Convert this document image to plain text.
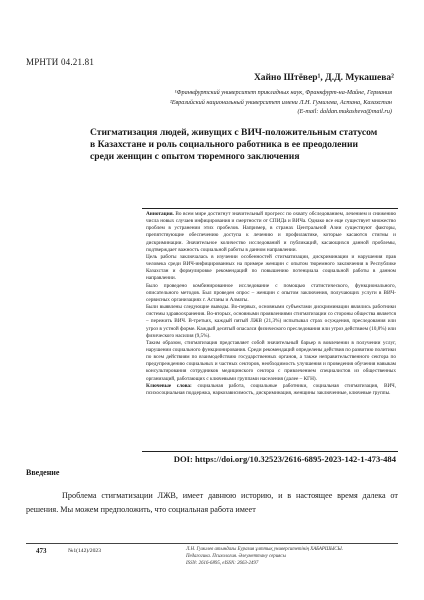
МРНТИ 04.21.81
Хайно Штёвер¹, Д.Д. Мукашева²
¹Франкфуртский университет прикладных наук, Франкфурт-на-Майне, Германия
²Евразийский национальный университет имени Л.Н. Гумилева, Астана, Казахстан
(E-mail: daldan.mukasheva@mail.ru)
Стигматизация людей, живущих с ВИЧ-положительным статусом в Казахстане и роль социального работника в ее преодолении среди женщин с опытом тюремного заключения

Аннотация. Во всем мире достигнут значительный прогресс по охвату обследованием, лечением и снижению числа новых случаев инфицирования и смертности от СПИДа и ВИЧа. Однако все еще существует множество проблем в устранении этих пробелов. Например, в странах Центральной Азии существуют факторы, препятствующие обеспечению доступа к лечению и профилактике, которые касаются стигмы и дискриминации. Значительное количество исследований и публикаций, касающихся данной проблемы, подтверждает важность социальной работы в данном направлении.

Цель работы заключалась в изучении особенностей стигматизации, дискриминации и нарушения прав человека среди ВИЧ-инфицированных на примере женщин с опытом тюремного заключения в Республике Казахстан и формулировке рекомендаций по повышению потенциала социальной работы в данном направлении.

Было проведено комбинированное исследование с помощью статистического, функционального, описательного методов. Был проведен опрос – женщин с опытом заключения, получающих услуги в ВИЧ-сервисных организациях г. Астаны и Алматы.

Были выявлены следующие выводы. Во-первых, основными субъектами дискриминации являлись работники системы здравоохранения. Во-вторых, основными проявлениями стигматизации со стороны общества является – пережить ВИЧ. В-третьих, каждый пятый ЛЖВ (21,3%) испытывал страх осуждения, преследования или угроз в устной форме. Каждый десятый опасался физического преследования или угроз действием (10,8%) или физического насилия (9,5%).

Таким образом, стигматизация представляет собой значительный барьер в вовлечении в получении услуг, нарушении социального функционирования. Среди рекомендаций определены действия по развитию политики по всем действиям по взаимодействию государственных органов, а также неправительственного сектора по предупреждению социальных и частных секторов, необходимость улучшения и проведения обучения навыкам консультирования сотрудников медицинского сектора с привлечением специалистов из общественных организаций, работающих с ключевыми группами населения (далее – КГН).

Ключевые слова: социальная работа, социальные работники, социальная стигматизация, ВИЧ, психосоциальная поддержка, наркозависимость, дискриминация, женщины заключенные, ключевые группы.

DOI: https://doi.org/10.32523/2616-6895-2023-142-1-473-484
Введение
Проблема стигматизации ЛЖВ, имеет давнюю историю, и в настоящее время далека от решения. Мы можем предположить, что социальная работа имеет
473	№1(142)/2023	Л.Н. Гумилев атындағы Еуразия ұлттық университетінің ХАБАРШЫСЫ.
Педагогика. Психология. Әлеуметтану сериясы
ISSN: 2616-6895, eISSN: 2663-2497
